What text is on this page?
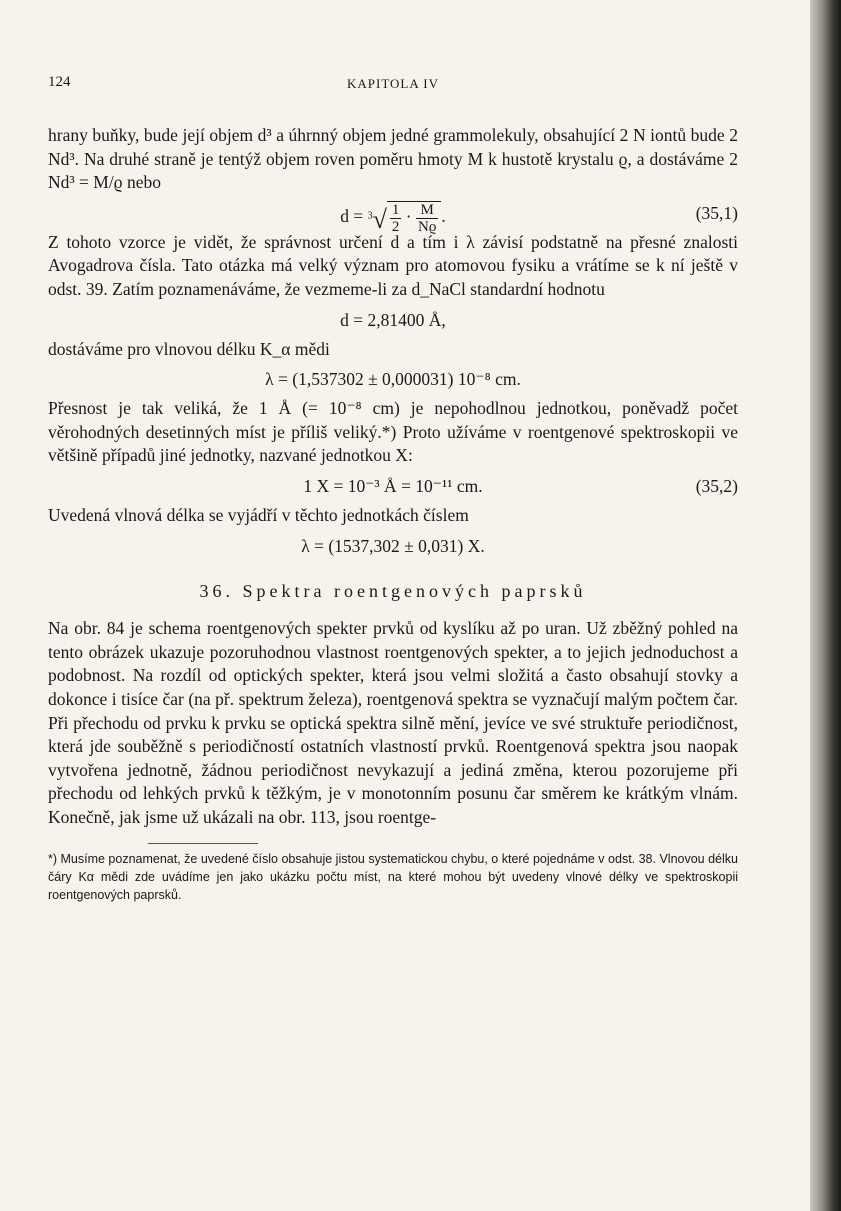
124	KAPITOLA IV

hrany buňky, bude její objem d³ a úhrnný objem jedné grammolekuly, obsahující 2 N iontů bude 2 Nd³. Na druhé straně je tentýž objem roven poměru hmoty M k hustotě krystalu ϱ, a dostáváme 2 Nd³ = M/ϱ nebo

$d = ^3√ \frac{1}{2} \cdot \frac{M}{Nϱ}$ .	(35,1)

Z tohoto vzorce je vidět, že správnost určení d a tím i λ závisí podstatně na přesné znalosti Avogadrova čísla. Tato otázka má velký význam pro atomovou fysiku a vrátíme se k ní ještě v odst. 39. Zatím poznamenáváme, že vezmeme-li za d_NaCl standardní hodnotu

d = 2,81400 Å,

dostáváme pro vlnovou délku K_α mědi

λ = (1,537302 ± 0,000031) 10⁻⁸ cm.

Přesnost je tak veliká, že 1 Å (= 10⁻⁸ cm) je nepohodlnou jednotkou, poněvadž počet věrohodných desetinných míst je příliš veliký.*) Proto užíváme v roentgenové spektroskopii ve většině případů jiné jednotky, nazvané jednotkou X:

1 X = 10⁻³ Å = 10⁻¹¹ cm.	(35,2)

Uvedená vlnová délka se vyjádří v těchto jednotkách číslem

λ = (1537,302 ± 0,031) X.
36. Spektra roentgenových paprsků

Na obr. 84 je schema roentgenových spekter prvků od kyslíku až po uran. Už zběžný pohled na tento obrázek ukazuje pozoruhodnou vlastnost roentgenových spekter, a to jejich jednoduchost a podobnost. Na rozdíl od optických spekter, která jsou velmi složitá a často obsahují stovky a dokonce i tisíce čar (na př. spektrum železa), roentgenová spektra se vyznačují malým počtem čar. Při přechodu od prvku k prvku se optická spektra silně mění, jevíce ve své struktuře periodičnost, která jde souběžně s periodičností ostatních vlastností prvků. Roentgenová spektra jsou naopak vytvořena jednotně, žádnou periodičnost nevykazují a jediná změna, kterou pozorujeme při přechodu od lehkých prvků k těžkým, je v monotonním posunu čar směrem ke krátkým vlnám. Konečně, jak jsme už ukázali na obr. 113, jsou roentge-

*) Musíme poznamenat, že uvedené číslo obsahuje jistou systematickou chybu, o které pojednáme v odst. 38. Vlnovou délku čáry Kα mědi zde uvádíme jen jako ukázku počtu míst, na které mohou být uvedeny vlnové délky ve spektroskopii roentgenových paprsků.
